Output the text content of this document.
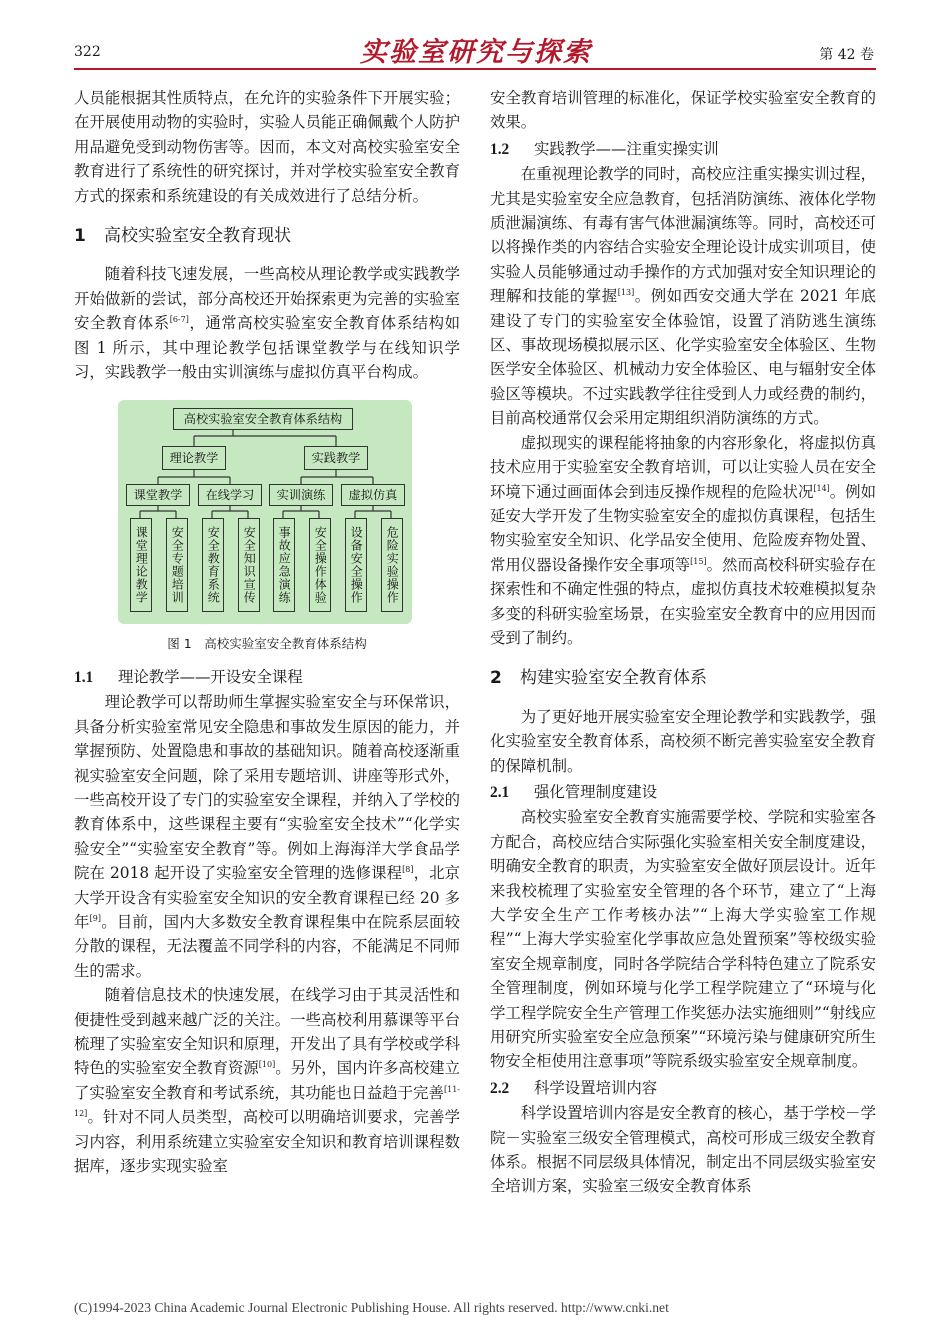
322	实验室研究与探索	第 42 卷

人员能根据其性质特点，在允许的实验条件下开展实验；在开展使用动物的实验时，实验人员能正确佩戴个人防护用品避免受到动物伤害等。因而，本文对高校实验室安全教育进行了系统性的研究探讨，并对学校实验室安全教育方式的探索和系统建设的有关成效进行了总结分析。

1 高校实验室安全教育现状

随着科技飞速发展，一些高校从理论教学或实践教学开始做新的尝试，部分高校还开始探索更为完善的实验室安全教育体系[6-7]，通常高校实验室安全教育体系结构如图 1 所示，其中理论教学包括课堂教学与在线知识学习，实践教学一般由实训演练与虚拟仿真平台构成。

高校实验室安全教育体系结构
理论教学	实践教学
课堂教学	在线学习	实训演练	虚拟仿真
课堂理论教学	安全专题培训	安全教育系统	安全知识宣传	事故应急演练	安全操作体验	设备安全操作	危险实验操作

图 1　高校实验室安全教育体系结构

1.1 理论教学——开设安全课程

理论教学可以帮助师生掌握实验室安全与环保常识，具备分析实验室常见安全隐患和事故发生原因的能力，并掌握预防、处置隐患和事故的基础知识。随着高校逐渐重视实验室安全问题，除了采用专题培训、讲座等形式外，一些高校开设了专门的实验室安全课程，并纳入了学校的教育体系中，这些课程主要有“实验室安全技术”“化学实验安全”“实验室安全教育”等。例如上海海洋大学食品学院在 2018 起开设了实验室安全管理的选修课程[8]，北京大学开设含有实验室安全知识的安全教育课程已经 20 多年[9]。目前，国内大多数安全教育课程集中在院系层面较分散的课程，无法覆盖不同学科的内容，不能满足不同师生的需求。

随着信息技术的快速发展，在线学习由于其灵活性和便捷性受到越来越广泛的关注。一些高校利用慕课等平台梳理了实验室安全知识和原理，开发出了具有学校或学科特色的实验室安全教育资源[10]。另外，国内许多高校建立了实验室安全教育和考试系统，其功能也日益趋于完善[11-12]。针对不同人员类型，高校可以明确培训要求，完善学习内容，利用系统建立实验室安全知识和教育培训课程数据库，逐步实现实验室

安全教育培训管理的标准化，保证学校实验室安全教育的效果。

1.2 实践教学——注重实操实训

在重视理论教学的同时，高校应注重实操实训过程，尤其是实验室安全应急教育，包括消防演练、液体化学物质泄漏演练、有毒有害气体泄漏演练等。同时，高校还可以将操作类的内容结合实验安全理论设计成实训项目，使实验人员能够通过动手操作的方式加强对安全知识理论的理解和技能的掌握[13]。例如西安交通大学在 2021 年底建设了专门的实验室安全体验馆，设置了消防逃生演练区、事故现场模拟展示区、化学实验室安全体验区、生物医学安全体验区、机械动力安全体验区、电与辐射安全体验区等模块。不过实践教学往往受到人力或经费的制约，目前高校通常仅会采用定期组织消防演练的方式。

虚拟现实的课程能将抽象的内容形象化，将虚拟仿真技术应用于实验室安全教育培训，可以让实验人员在安全环境下通过画面体会到违反操作规程的危险状况[14]。例如延安大学开发了生物实验室安全的虚拟仿真课程，包括生物实验室安全知识、化学品安全使用、危险废弃物处置、常用仪器设备操作安全事项等[15]。然而高校科研实验存在探索性和不确定性强的特点，虚拟仿真技术较难模拟复杂多变的科研实验室场景，在实验室安全教育中的应用因而受到了制约。

2 构建实验室安全教育体系

为了更好地开展实验室安全理论教学和实践教学，强化实验室安全教育体系，高校须不断完善实验室安全教育的保障机制。

2.1 强化管理制度建设

高校实验室安全教育实施需要学校、学院和实验室各方配合，高校应结合实际强化实验室相关安全制度建设，明确安全教育的职责，为实验室安全做好顶层设计。近年来我校梳理了实验室安全管理的各个环节，建立了“上海大学安全生产工作考核办法”“上海大学实验室工作规程”“上海大学实验室化学事故应急处置预案”等校级实验室安全规章制度，同时各学院结合学科特色建立了院系安全管理制度，例如环境与化学工程学院建立了“环境与化学工程学院安全生产管理工作奖惩办法实施细则”“射线应用研究所实验室安全应急预案”“环境污染与健康研究所生物安全柜使用注意事项”等院系级实验室安全规章制度。

2.2 科学设置培训内容

科学设置培训内容是安全教育的核心，基于学校－学院－实验室三级安全管理模式，高校可形成三级安全教育体系。根据不同层级具体情况，制定出不同层级实验室安全培训方案，实验室三级安全教育体系

(C)1994-2023 China Academic Journal Electronic Publishing House. All rights reserved. http://www.cnki.net
